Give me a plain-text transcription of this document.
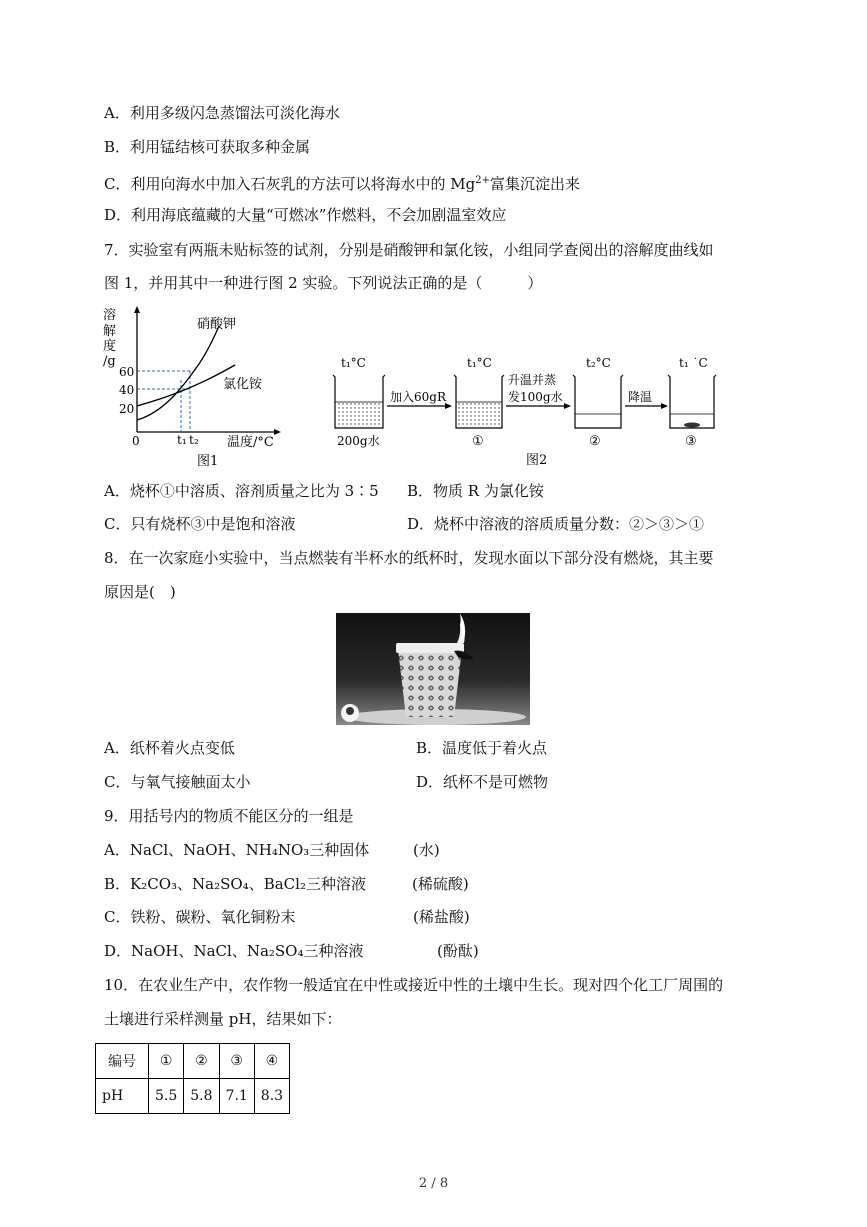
A．利用多级闪急蒸馏法可淡化海水
B．利用锰结核可获取多种金属
C．利用向海水中加入石灰乳的方法可以将海水中的 $Mg^{2+}$富集沉淀出来
D．利用海底蕴藏的大量“可燃冰”作燃料，不会加剧温室效应
7．实验室有两瓶未贴标签的试剂，分别是硝酸钾和氯化铵，小组同学查阅出的溶解度曲线如
图 1，并用其中一种进行图 2 实验。下列说法正确的是（　　　）
溶
解
度
/g
60
40
20
0
硝酸钾
氯化铵
t₁ t₂ 温度/°C
图1
t₁°C
200g水
加入60gR
t₁°C
①
升温并蒸
发100g水
t₂°C
②
降温
t₁ ˙C
③
图2
A．烧杯①中溶质、溶剂质量之比为 3∶5 B．物质 R 为氯化铵
C．只有烧杯③中是饱和溶液	D．烧杯中溶液的溶质质量分数：②＞③＞①
8．在一次家庭小实验中，当点燃装有半杯水的纸杯时，发现水面以下部分没有燃烧，其主要
原因是(　)
A．纸杯着火点变低	B．温度低于着火点
C．与氧气接触面太小	D．纸杯不是可燃物
9．用括号内的物质不能区分的一组是
A．NaCl、NaOH、NH₄NO₃三种固体	(水)
B．K₂CO₃、Na₂SO₄、BaCl₂三种溶液	(稀硫酸)
C．铁粉、碳粉、氧化铜粉末	(稀盐酸)
D．NaOH、NaCl、Na₂SO₄三种溶液	(酚酞)
10．在农业生产中，农作物一般适宜在中性或接近中性的土壤中生长。现对四个化工厂周围的
土壤进行采样测量 pH，结果如下：
编号	①	②	③	④
pH	5.5	5.8	7.1	8.3
2 / 8
